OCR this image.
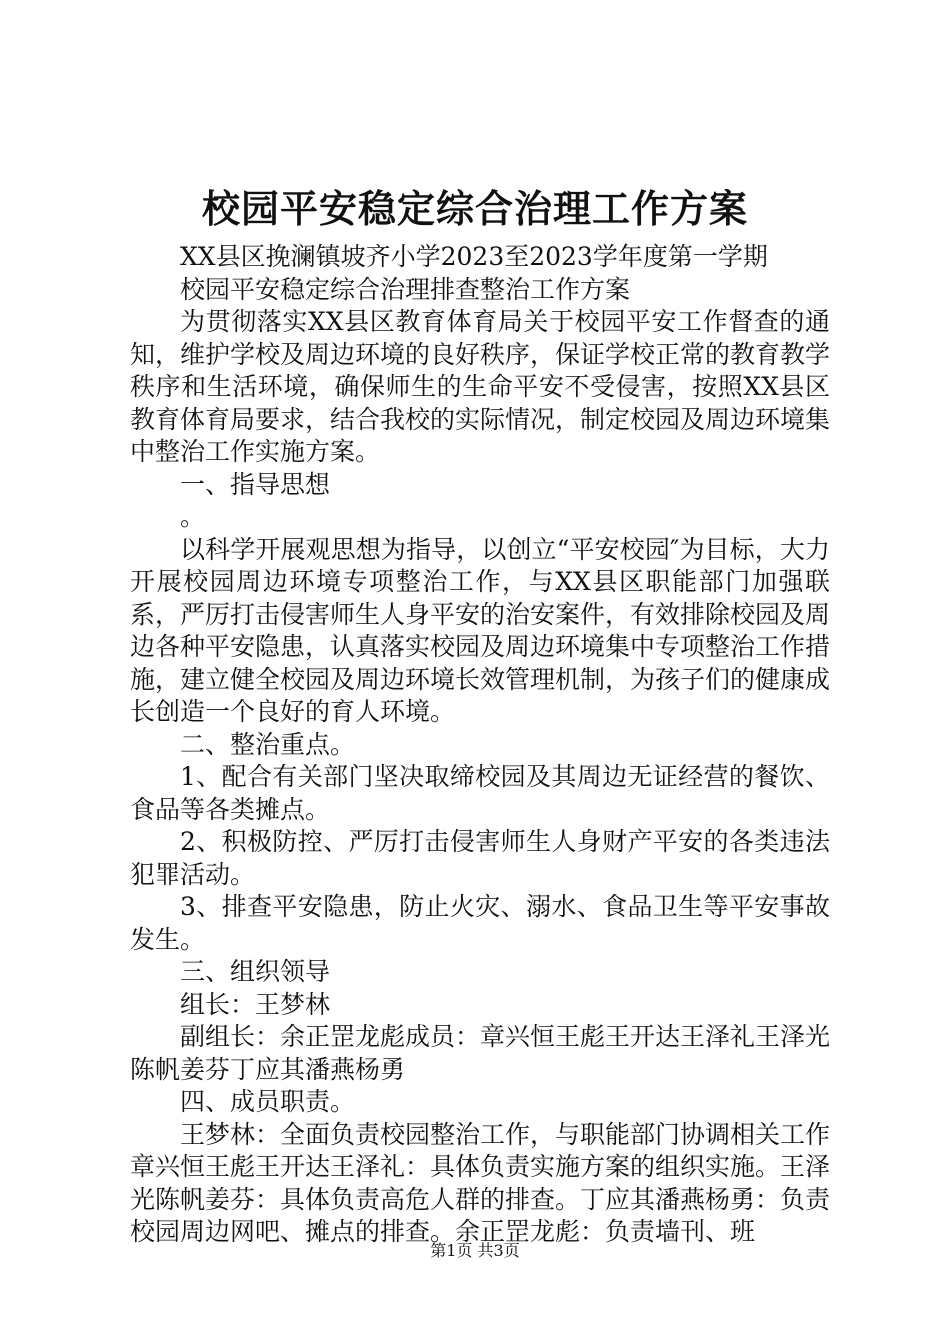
校园平安稳定综合治理工作方案

XX县区挽澜镇坡齐小学2023至2023学年度第一学期

校园平安稳定综合治理排查整治工作方案

为贯彻落实XX县区教育体育局关于校园平安工作督查的通知，维护学校及周边环境的良好秩序，保证学校正常的教育教学秩序和生活环境，确保师生的生命平安不受侵害，按照XX县区教育体育局要求，结合我校的实际情况，制定校园及周边环境集中整治工作实施方案。

一、指导思想

。

以科学开展观思想为指导，以创立“平安校园″为目标，大力开展校园周边环境专项整治工作，与XX县区职能部门加强联系，严厉打击侵害师生人身平安的治安案件，有效排除校园及周边各种平安隐患，认真落实校园及周边环境集中专项整治工作措施，建立健全校园及周边环境长效管理机制，为孩子们的健康成长创造一个良好的育人环境。

二、整治重点。

1、配合有关部门坚决取缔校园及其周边无证经营的餐饮、食品等各类摊点。

2、积极防控、严厉打击侵害师生人身财产平安的各类违法犯罪活动。

3、排查平安隐患，防止火灾、溺水、食品卫生等平安事故发生。

三、组织领导

组长：王梦林

副组长：余正罡龙彪成员：章兴恒王彪王开达王泽礼王泽光陈帆姜芬丁应其潘燕杨勇

四、成员职责。

王梦林：全面负责校园整治工作，与职能部门协调相关工作章兴恒王彪王开达王泽礼：具体负责实施方案的组织实施。王泽光陈帆姜芬：具体负责高危人群的排查。丁应其潘燕杨勇：负责校园周边网吧、摊点的排查。余正罡龙彪：负责墙刊、班

第1页 共3页
